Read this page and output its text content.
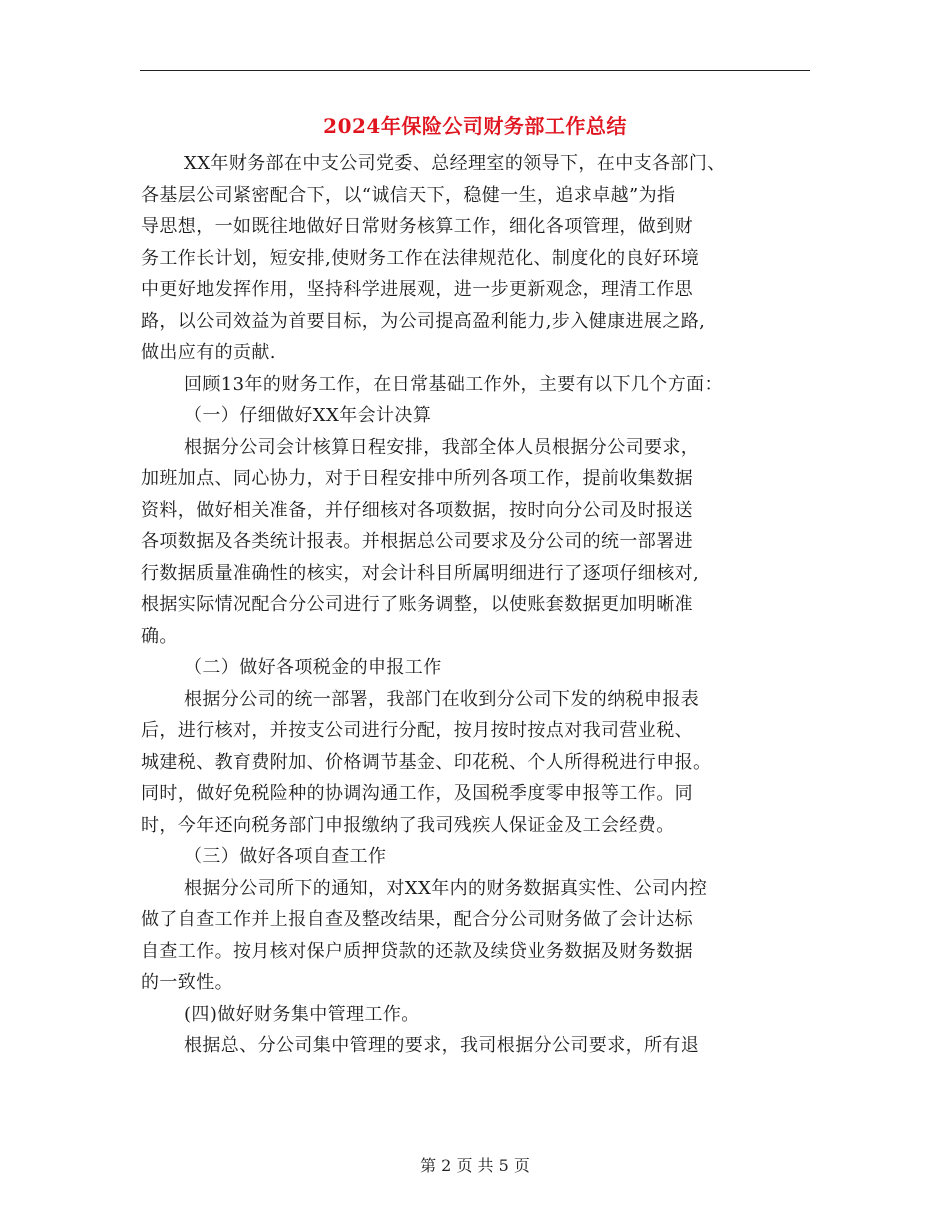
2024年保险公司财务部工作总结
XX年财务部在中支公司党委、总经理室的领导下，在中支各部门、
各基层公司紧密配合下，以“诚信天下，稳健一生，追求卓越”为指
导思想，一如既往地做好日常财务核算工作，细化各项管理，做到财
务工作长计划，短安排,使财务工作在法律规范化、制度化的良好环境
中更好地发挥作用，坚持科学进展观，进一步更新观念，理清工作思
路，以公司效益为首要目标，为公司提高盈利能力,步入健康进展之路,
做出应有的贡献.
回顾13年的财务工作，在日常基础工作外，主要有以下几个方面：
（一）仔细做好XX年会计决算
根据分公司会计核算日程安排，我部全体人员根据分公司要求，
加班加点、同心协力，对于日程安排中所列各项工作，提前收集数据
资料，做好相关准备，并仔细核对各项数据，按时向分公司及时报送
各项数据及各类统计报表。并根据总公司要求及分公司的统一部署进
行数据质量准确性的核实，对会计科目所属明细进行了逐项仔细核对,
根据实际情况配合分公司进行了账务调整，以使账套数据更加明晰准
确。
（二）做好各项税金的申报工作
根据分公司的统一部署，我部门在收到分公司下发的纳税申报表
后，进行核对，并按支公司进行分配，按月按时按点对我司营业税、
城建税、教育费附加、价格调节基金、印花税、个人所得税进行申报。
同时，做好免税险种的协调沟通工作，及国税季度零申报等工作。同
时，今年还向税务部门申报缴纳了我司残疾人保证金及工会经费。
（三）做好各项自查工作
根据分公司所下的通知，对XX年内的财务数据真实性、公司内控
做了自查工作并上报自查及整改结果，配合分公司财务做了会计达标
自查工作。按月核对保户质押贷款的还款及续贷业务数据及财务数据
的一致性。
(四)做好财务集中管理工作。
根据总、分公司集中管理的要求，我司根据分公司要求，所有退
第 2 页 共 5 页
